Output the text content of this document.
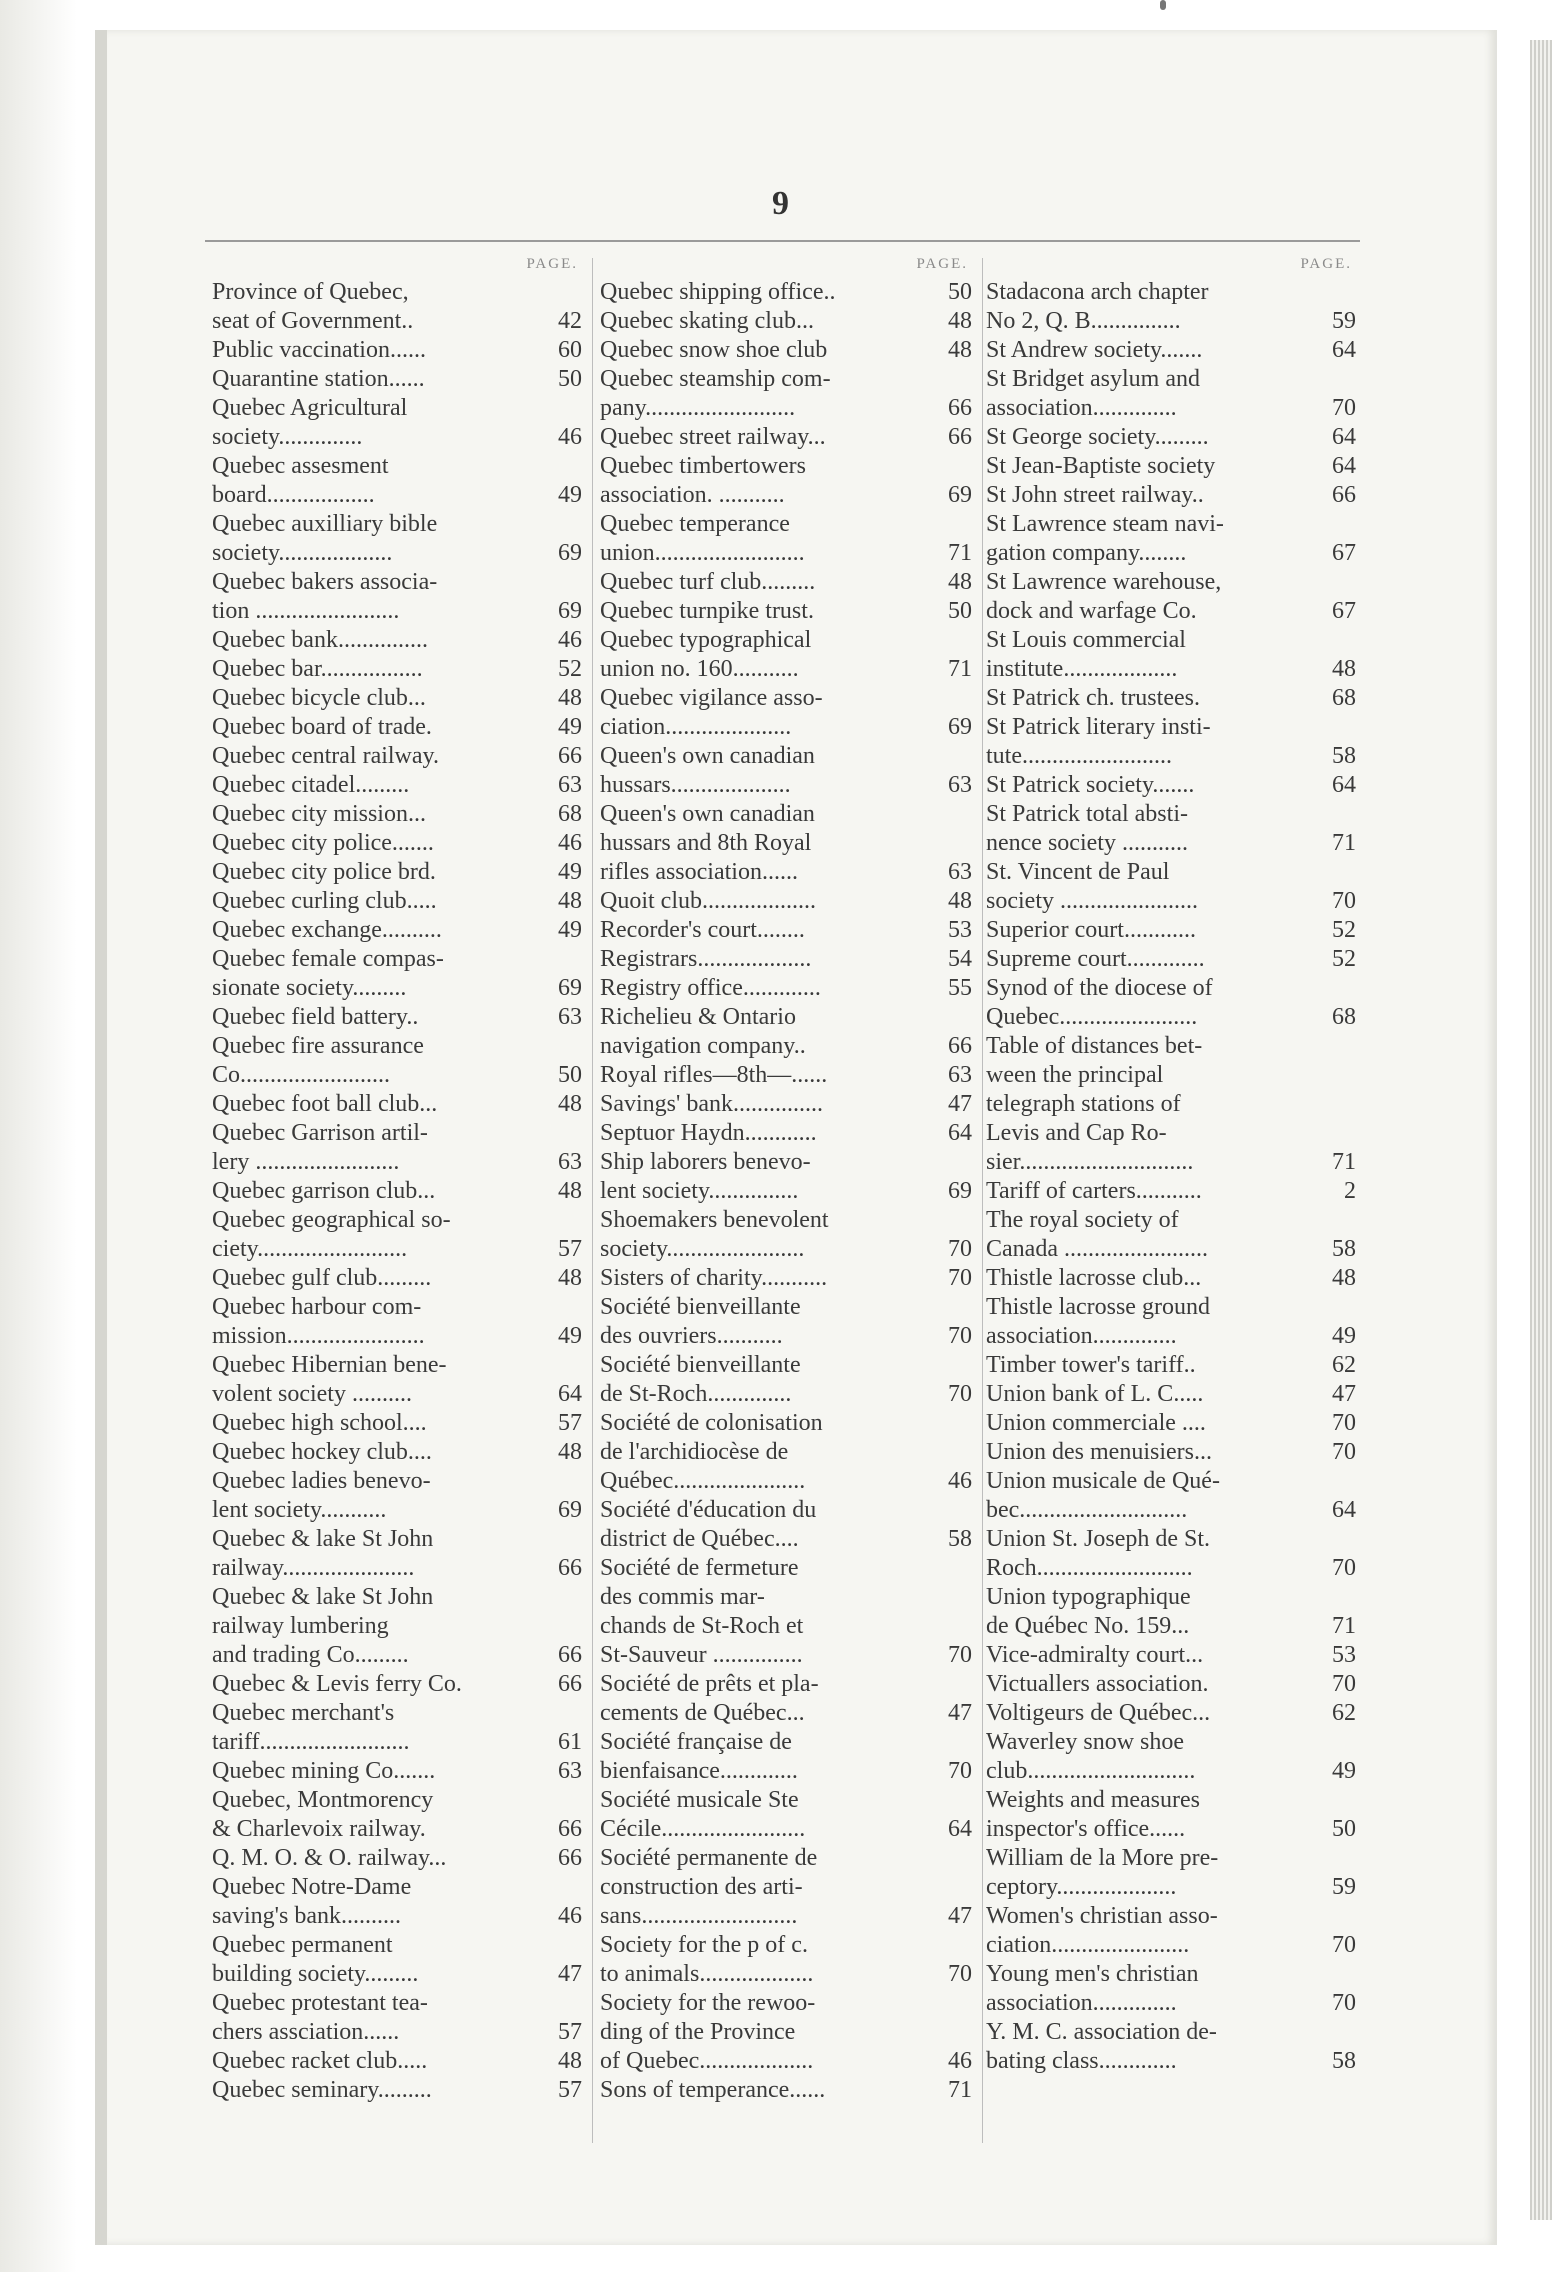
9
PAGE.
Province of Quebec,
seat of Government..	42
Public vaccination......	60
Quarantine station......	50
Quebec Agricultural
society..............	46
Quebec assesment
board..................	49
Quebec auxilliary bible
society...................	69
Quebec bakers associa-
tion ........................	69
Quebec bank...............	46
Quebec bar.................	52
Quebec bicycle club...	48
Quebec board of trade.	49
Quebec central railway.	66
Quebec citadel.........	63
Quebec city mission...	68
Quebec city police.......	46
Quebec city police brd.	49
Quebec curling club.....	48
Quebec exchange..........	49
Quebec female compas-
sionate society.........	69
Quebec field battery..	63
Quebec fire assurance
Co.........................	50
Quebec foot ball club...	48
Quebec Garrison artil-
lery ........................	63
Quebec garrison club...	48
Quebec geographical so-
ciety.........................	57
Quebec gulf club.........	48
Quebec harbour com-
mission.......................	49
Quebec Hibernian bene-
volent society ..........	64
Quebec high school....	57
Quebec hockey club....	48
Quebec ladies benevo-
lent society...........	69
Quebec & lake St John
railway......................	66
Quebec & lake St John
railway lumbering
and trading Co.........	66
Quebec & Levis ferry Co.	66
Quebec merchant's
tariff.........................	61
Quebec mining Co.......	63
Quebec, Montmorency
& Charlevoix railway.	66
Q. M. O. & O. railway...	66
Quebec Notre-Dame
saving's bank..........	46
Quebec permanent
building society.........	47
Quebec protestant tea-
chers assciation......	57
Quebec racket club.....	48
Quebec seminary.........	57
PAGE.
Quebec shipping office..	50
Quebec skating club...	48
Quebec snow shoe club	48
Quebec steamship com-
pany.........................	66
Quebec street railway...	66
Quebec timbertowers
association. ...........	69
Quebec temperance
union.........................	71
Quebec turf club.........	48
Quebec turnpike trust.	50
Quebec typographical
union no. 160...........	71
Quebec vigilance asso-
ciation.....................	69
Queen's own canadian
hussars....................	63
Queen's own canadian
hussars and 8th Royal
rifles association......	63
Quoit club...................	48
Recorder's court........	53
Registrars...................	54
Registry office.............	55
Richelieu & Ontario
navigation company..	66
Royal rifles—8th—......	63
Savings' bank...............	47
Septuor Haydn............	64
Ship laborers benevo-
lent society...............	69
Shoemakers benevolent
society.......................	70
Sisters of charity...........	70
Société bienveillante
des ouvriers...........	70
Société bienveillante
de St-Roch..............	70
Société de colonisation
de l'archidiocèse de
Québec......................	46
Société d'éducation du
district de Québec....	58
Société de fermeture
des commis mar-
chands de St-Roch et
St-Sauveur ...............	70
Société de prêts et pla-
cements de Québec...	47
Société française de
bienfaisance.............	70
Société musicale Ste
Cécile........................	64
Société permanente de
construction des arti-
sans..........................	47
Society for the p of c.
to animals...................	70
Society for the rewoo-
ding of the Province
of Quebec...................	46
Sons of temperance......	71
PAGE.
Stadacona arch chapter
No 2, Q. B...............	59
St Andrew society.......	64
St Bridget asylum and
association..............	70
St George society.........	64
St Jean-Baptiste society	64
St John street railway..	66
St Lawrence steam navi-
gation company........	67
St Lawrence warehouse,
dock and warfage Co.	67
St Louis commercial
institute...................	48
St Patrick ch. trustees.	68
St Patrick literary insti-
tute.........................	58
St Patrick society.......	64
St Patrick total absti-
nence society ...........	71
St. Vincent de Paul
society .......................	70
Superior court............	52
Supreme court.............	52
Synod of the diocese of
Quebec.......................	68
Table of distances bet-
ween the principal
telegraph stations of
Levis and Cap Ro-
sier.............................	71
Tariff of carters...........	2
The royal society of
Canada ........................	58
Thistle lacrosse club...	48
Thistle lacrosse ground
association..............	49
Timber tower's tariff..	62
Union bank of L. C.....	47
Union commerciale ....	70
Union des menuisiers...	70
Union musicale de Qué-
bec............................	64
Union St. Joseph de St.
Roch..........................	70
Union typographique
de Québec No. 159...	71
Vice-admiralty court...	53
Victuallers association.	70
Voltigeurs de Québec...	62
Waverley snow shoe
club............................	49
Weights and measures
inspector's office......	50
William de la More pre-
ceptory....................	59
Women's christian asso-
ciation.......................	70
Young men's christian
association..............	70
Y. M. C. association de-
bating class.............	58
